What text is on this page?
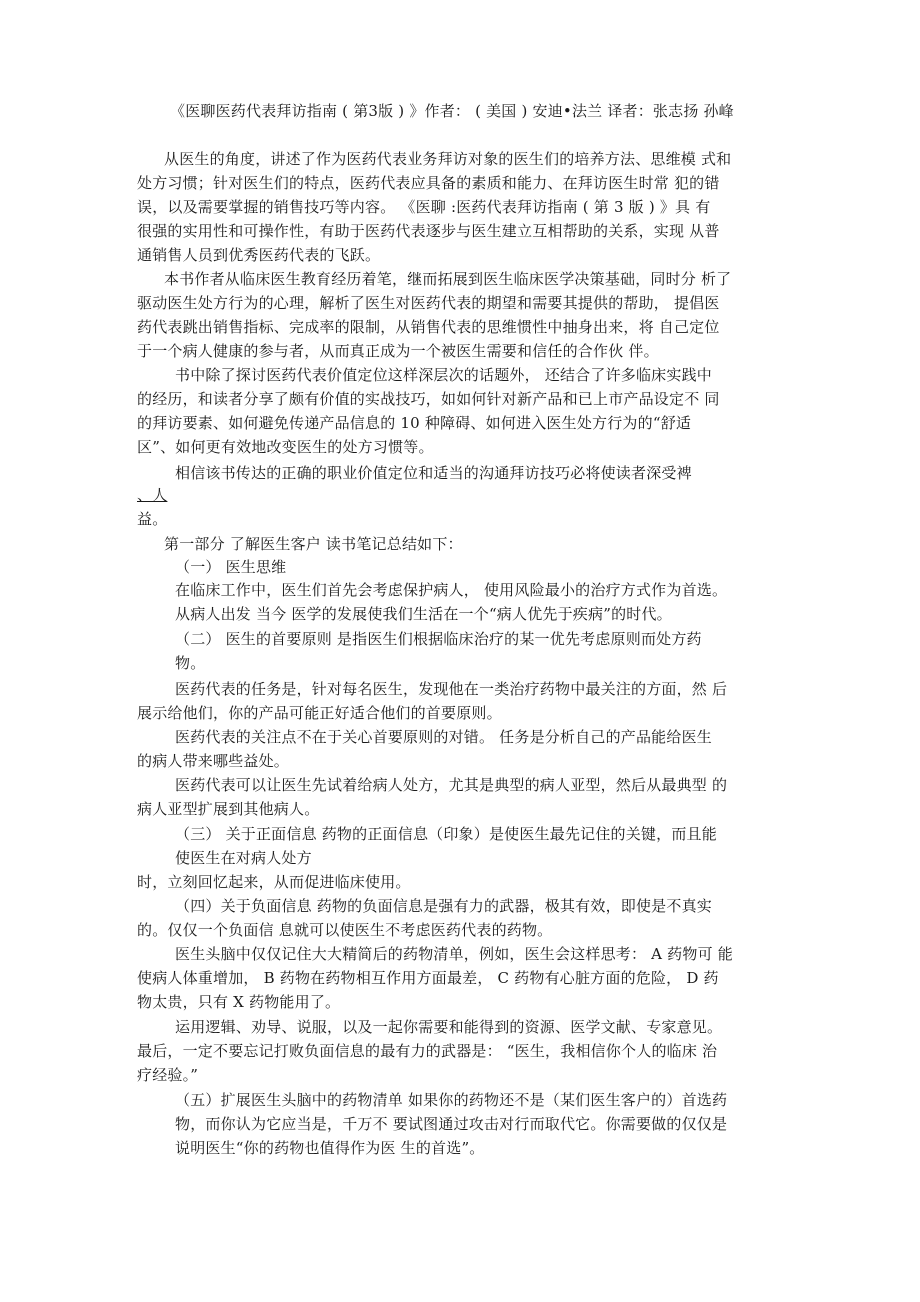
《医聊医药代表拜访指南 ( 第3版 ) 》作者： ( 美国 ) 安迪•法兰 译者：张志扬 孙峰
从医生的角度，讲述了作为医药代表业务拜访对象的医生们的培养方法、思维模 式和
处方习惯；针对医生们的特点，医药代表应具备的素质和能力、在拜访医生时常 犯的错
误，以及需要掌握的销售技巧等内容。 《医聊 :医药代表拜访指南 ( 第 3 版 ) 》具 有
很强的实用性和可操作性，有助于医药代表逐步与医生建立互相帮助的关系，实现 从普
通销售人员到优秀医药代表的飞跃。
本书作者从临床医生教育经历着笔，继而拓展到医生临床医学决策基础，同时分 析了
驱动医生处方行为的心理，解析了医生对医药代表的期望和需要其提供的帮助， 提倡医
药代表跳出销售指标、完成率的限制，从销售代表的思维惯性中抽身出来，将 自己定位
于一个病人健康的参与者，从而真正成为一个被医生需要和信任的合作伙 伴。
书中除了探讨医药代表价值定位这样深层次的话题外， 还结合了许多临床实践中
的经历，和读者分享了颇有价值的实战技巧，如如何针对新产品和已上市产品设定不 同
的拜访要素、如何避免传递产品信息的 10 种障碍、如何进入医生处方行为的“舒适
区”、如何更有效地改变医生的处方习惯等。
相信该书传达的正确的职业价值定位和适当的沟通拜访技巧必将使读者深受裨
、人
益。
第一部分 了解医生客户 读书笔记总结如下：
（一） 医生思维
在临床工作中，医生们首先会考虑保护病人， 使用风险最小的治疗方式作为首选。
从病人出发 当今 医学的发展使我们生活在一个“病人优先于疾病”的时代。
（二） 医生的首要原则 是指医生们根据临床治疗的某一优先考虑原则而处方药
物。
医药代表的任务是，针对每名医生，发现他在一类治疗药物中最关注的方面，然 后
展示给他们，你的产品可能正好适合他们的首要原则。
医药代表的关注点不在于关心首要原则的对错。 任务是分析自己的产品能给医生
的病人带来哪些益处。
医药代表可以让医生先试着给病人处方，尤其是典型的病人亚型，然后从最典型 的
病人亚型扩展到其他病人。
（三） 关于正面信息 药物的正面信息（印象）是使医生最先记住的关键，而且能
使医生在对病人处方
时，立刻回忆起来，从而促进临床使用。
（四）关于负面信息 药物的负面信息是强有力的武器，极其有效，即使是不真实
的。仅仅一个负面信 息就可以使医生不考虑医药代表的药物。
医生头脑中仅仅记住大大精简后的药物清单，例如，医生会这样思考： A 药物可 能
使病人体重增加， B 药物在药物相互作用方面最差， C 药物有心脏方面的危险， D 药
物太贵，只有 X 药物能用了。
运用逻辑、劝导、说服，以及一起你需要和能得到的资源、医学文献、专家意见。
最后，一定不要忘记打败负面信息的最有力的武器是： “医生，我相信你个人的临床 治
疗经验。”
（五）扩展医生头脑中的药物清单 如果你的药物还不是（某们医生客户的）首选药
物，而你认为它应当是，千万不 要试图通过攻击对行而取代它。你需要做的仅仅是
说明医生“你的药物也值得作为医 生的首选”。
